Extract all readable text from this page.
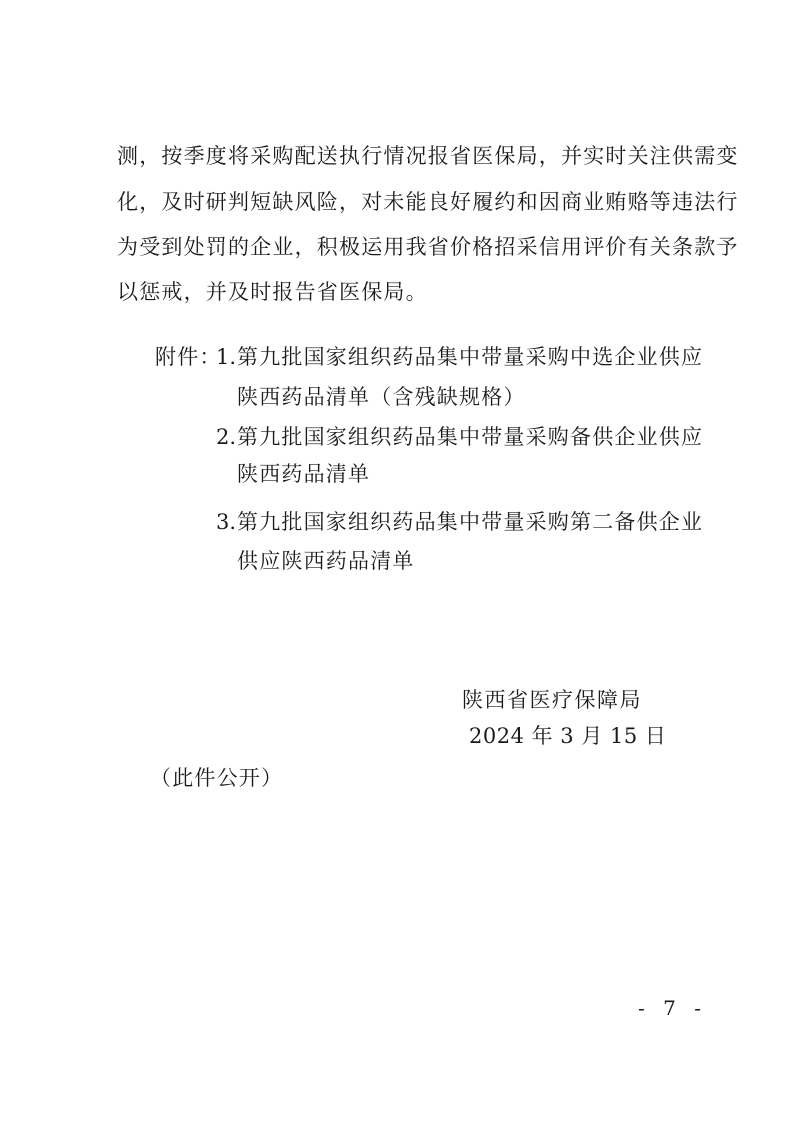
测，按季度将采购配送执行情况报省医保局，并实时关注供需变
化，及时研判短缺风险，对未能良好履约和因商业贿赂等违法行
为受到处罚的企业，积极运用我省价格招采信用评价有关条款予
以惩戒，并及时报告省医保局。
附件：
1. 第九批国家组织药品集中带量采购中选企业供应
陕西药品清单（含残缺规格）
2. 第九批国家组织药品集中带量采购备供企业供应
陕西药品清单
3. 第九批国家组织药品集中带量采购第二备供企业
供应陕西药品清单
陕西省医疗保障局
2024 年 3 月 15 日
（此件公开）
- 7 -
